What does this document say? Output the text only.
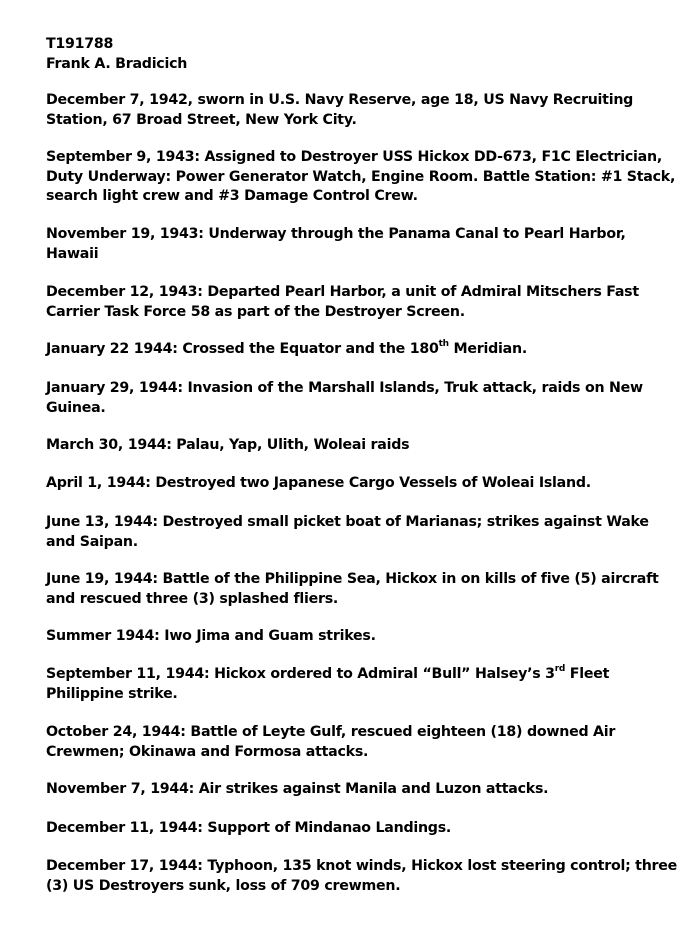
T191788
Frank A. Bradicich
December 7, 1942, sworn in U.S. Navy Reserve, age 18, US Navy Recruiting
Station, 67 Broad Street, New York City.
September 9, 1943: Assigned to Destroyer USS Hickox DD-673, F1C Electrician,
Duty Underway: Power Generator Watch, Engine Room. Battle Station: #1 Stack,
search light crew and #3 Damage Control Crew.
November 19, 1943: Underway through the Panama Canal to Pearl Harbor,
Hawaii
December 12, 1943: Departed Pearl Harbor, a unit of Admiral Mitschers Fast
Carrier Task Force 58 as part of the Destroyer Screen.
January 22 1944: Crossed the Equator and the 180th Meridian.
January 29, 1944: Invasion of the Marshall Islands, Truk attack, raids on New
Guinea.
March 30, 1944: Palau, Yap, Ulith, Woleai raids
April 1, 1944: Destroyed two Japanese Cargo Vessels of Woleai Island.
June 13, 1944: Destroyed small picket boat of Marianas; strikes against Wake
and Saipan.
June 19, 1944: Battle of the Philippine Sea, Hickox in on kills of five (5) aircraft
and rescued three (3) splashed fliers.
Summer 1944: Iwo Jima and Guam strikes.
September 11, 1944: Hickox ordered to Admiral “Bull” Halsey’s 3rd Fleet
Philippine strike.
October 24, 1944: Battle of Leyte Gulf, rescued eighteen (18) downed Air
Crewmen; Okinawa and Formosa attacks.
November 7, 1944: Air strikes against Manila and Luzon attacks.
December 11, 1944: Support of Mindanao Landings.
December 17, 1944: Typhoon, 135 knot winds, Hickox lost steering control; three
(3) US Destroyers sunk, loss of 709 crewmen.
